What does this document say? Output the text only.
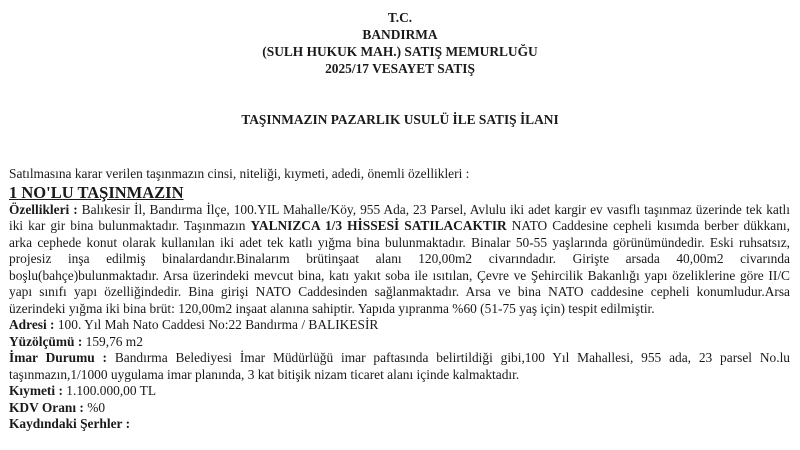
T.C.
BANDIRMA
(SULH HUKUK MAH.) SATIŞ MEMURLUĞU
2025/17 VESAYET SATIŞ
TAŞINMAZIN PAZARLIK USULÜ İLE SATIŞ İLANI

Satılmasına karar verilen taşınmazın cinsi, niteliği, kıymeti, adedi, önemli özellikleri :

1 NO'LU TAŞINMAZIN

Özellikleri : Balıkesir İl, Bandırma İlçe, 100.YIL Mahalle/Köy, 955 Ada, 23 Parsel, Avlulu iki adet kargir ev vasıflı taşınmaz üzerinde tek katlı iki kar gir bina bulunmaktadır. Taşınmazın YALNIZCA 1/3 HİSSESİ SATILACAKTIR NATO Caddesine cepheli kısımda berber dükkanı, arka cephede konut olarak kullanılan iki adet tek katlı yığma bina bulunmaktadır. Binalar 50-55 yaşlarında görünümündedir. Eski ruhsatsız, projesiz inşa edilmiş binalardandır.Binalarım brütinşaat alanı 120,00m2 civarındadır. Girişte arsada 40,00m2 civarında boşlu(bahçe)bulunmaktadır. Arsa üzerindeki mevcut bina, katı yakıt soba ile ısıtılan, Çevre ve Şehircilik Bakanlığı yapı özeliklerine göre II/C yapı sınıfı yapı özelliğindedir. Bina girişi NATO Caddesinden sağlanmaktadır. Arsa ve bina NATO caddesine cepheli konumludur.Arsa üzerindeki yığma iki bina brüt: 120,00m2 inşaat alanına sahiptir. Yapıda yıpranma %60 (51-75 yaş için) tespit edilmiştir.

Adresi : 100. Yıl Mah Nato Caddesi No:22 Bandırma / BALIKESİR

Yüzölçümü : 159,76 m2

İmar Durumu : Bandırma Belediyesi İmar Müdürlüğü imar paftasında belirtildiği gibi,100 Yıl Mahallesi, 955 ada, 23 parsel No.lu taşınmazın,1/1000 uygulama imar planında, 3 kat bitişik nizam ticaret alanı içinde kalmaktadır.

Kıymeti : 1.100.000,00 TL

KDV Oranı : %0

Kaydındaki Şerhler :
